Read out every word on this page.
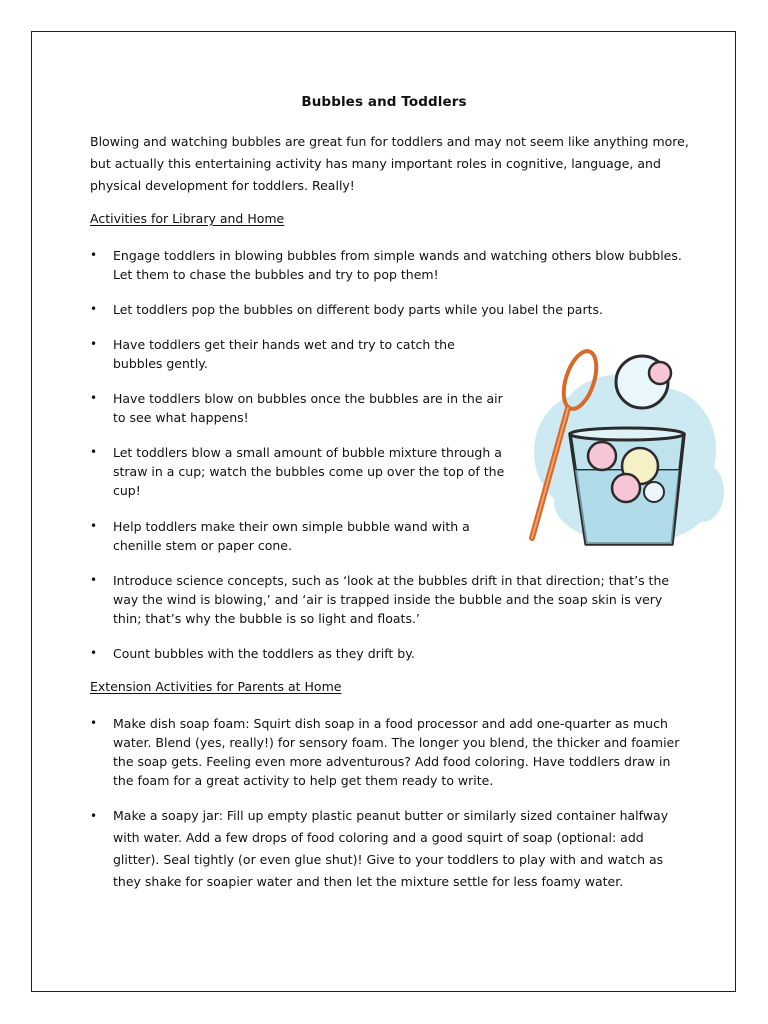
Bubbles and Toddlers
Blowing and watching bubbles are great fun for toddlers and may not seem like anything more, but actually this entertaining activity has many important roles in cognitive, language, and physical development for toddlers. Really!
Activities for Library and Home
• Engage toddlers in blowing bubbles from simple wands and watching others blow bubbles. Let them to chase the bubbles and try to pop them!
• Let toddlers pop the bubbles on different body parts while you label the parts.
• Have toddlers get their hands wet and try to catch the bubbles gently.
• Have toddlers blow on bubbles once the bubbles are in the air to see what happens!
• Let toddlers blow a small amount of bubble mixture through a straw in a cup; watch the bubbles come up over the top of the cup!
• Help toddlers make their own simple bubble wand with a chenille stem or paper cone.
• Introduce science concepts, such as ‘look at the bubbles drift in that direction; that’s the way the wind is blowing,’ and ‘air is trapped inside the bubble and the soap skin is very thin; that’s why the bubble is so light and floats.’
• Count bubbles with the toddlers as they drift by.
Extension Activities for Parents at Home
• Make dish soap foam: Squirt dish soap in a food processor and add one-quarter as much water. Blend (yes, really!) for sensory foam. The longer you blend, the thicker and foamier the soap gets. Feeling even more adventurous? Add food coloring. Have toddlers draw in the foam for a great activity to help get them ready to write.
• Make a soapy jar: Fill up empty plastic peanut butter or similarly sized container halfway with water. Add a few drops of food coloring and a good squirt of soap (optional: add glitter). Seal tightly (or even glue shut)! Give to your toddlers to play with and watch as they shake for soapier water and then let the mixture settle for less foamy water.
